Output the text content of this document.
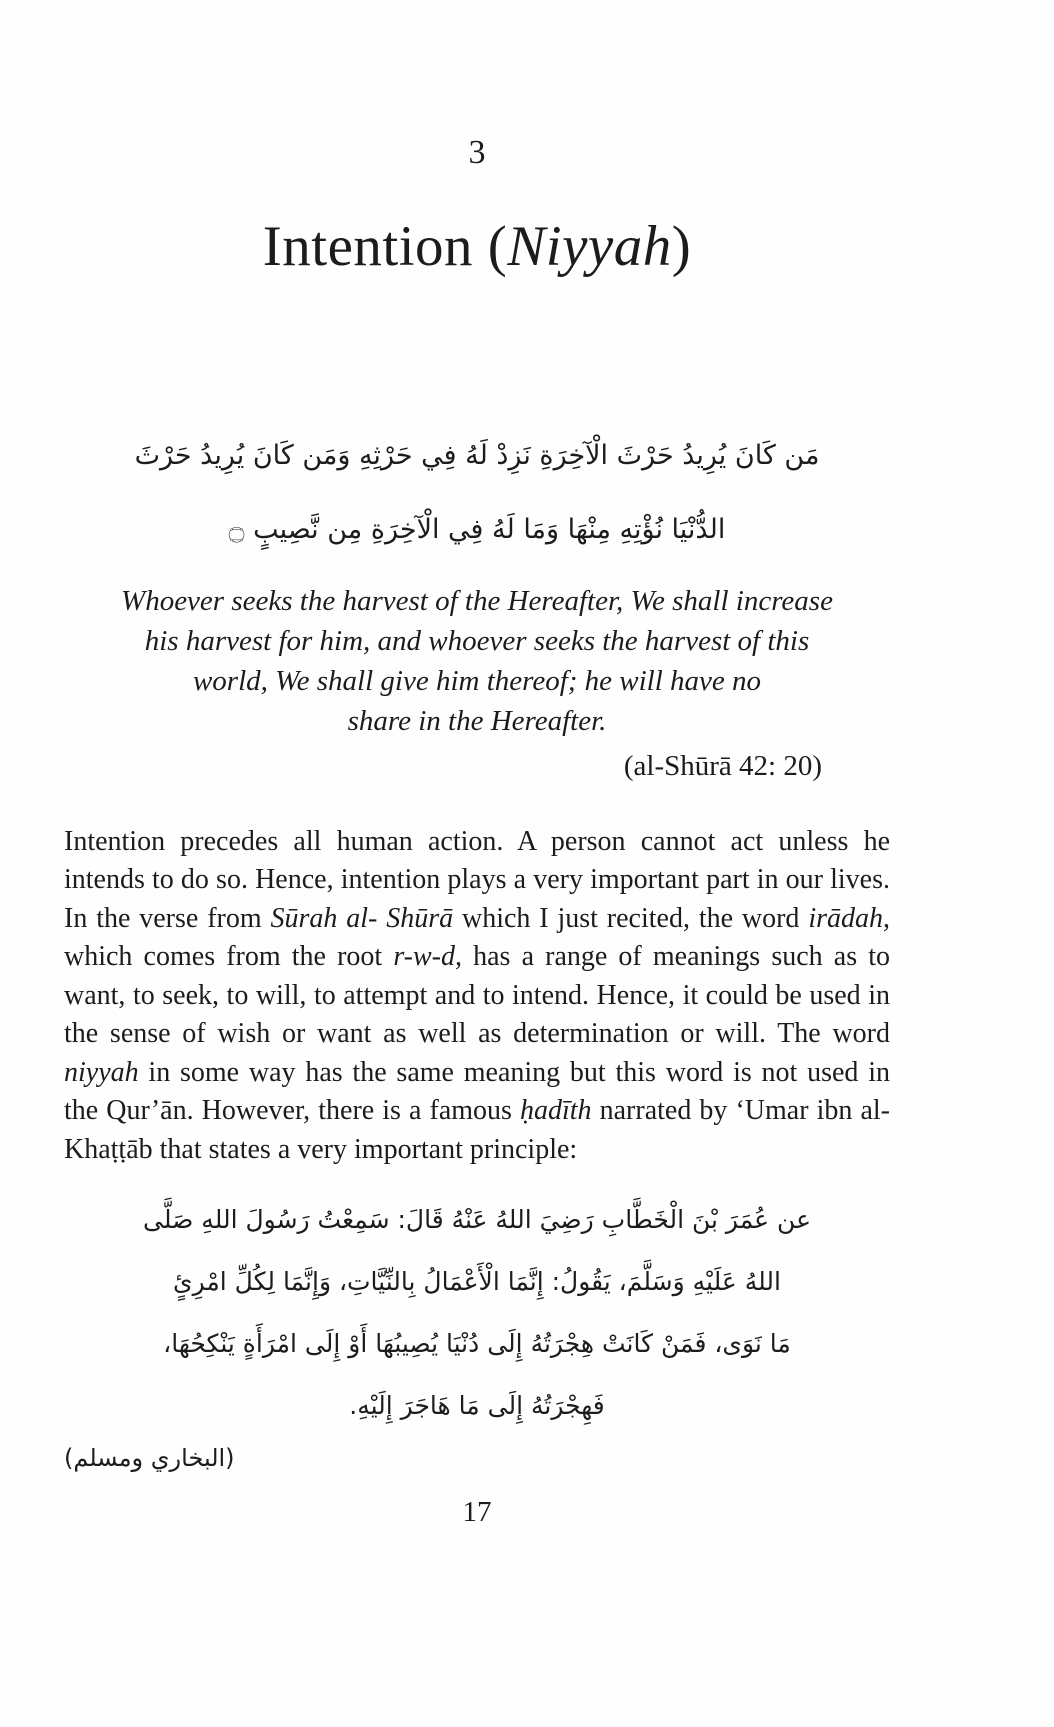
3
Intention (Niyyah)
مَن كَانَ يُرِيدُ حَرْثَ الْآخِرَةِ نَزِدْ لَهُ فِي حَرْثِهِ وَمَن كَانَ يُرِيدُ حَرْثَ
الدُّنْيَا نُؤْتِهِ مِنْهَا وَمَا لَهُ فِي الْآخِرَةِ مِن نَّصِيبٍ ۝
Whoever seeks the harvest of the Hereafter, We shall increase
his harvest for him, and whoever seeks the harvest of this
world, We shall give him thereof; he will have no
share in the Hereafter.
(al-Shūrā 42: 20)

Intention precedes all human action. A person cannot act unless he intends to do so. Hence, intention plays a very important part in our lives. In the verse from Sūrah al- Shūrā which I just recited, the word irādah, which comes from the root r-w-d, has a range of meanings such as to want, to seek, to will, to attempt and to intend. Hence, it could be used in the sense of wish or want as well as determination or will. The word niyyah in some way has the same meaning but this word is not used in the Qur’ān. However, there is a famous ḥadīth narrated by ‘Umar ibn al-Khaṭṭāb that states a very important principle:

عن عُمَرَ بْنَ الْخَطَّابِ رَضِيَ اللهُ عَنْهُ قَالَ: سَمِعْتُ رَسُولَ اللهِ صَلَّى
اللهُ عَلَيْهِ وَسَلَّمَ، يَقُولُ: إِنَّمَا الْأَعْمَالُ بِالنِّيَّاتِ، وَإِنَّمَا لِكُلِّ امْرِئٍ
مَا نَوَى، فَمَنْ كَانَتْ هِجْرَتُهُ إِلَى دُنْيَا يُصِيبُهَا أَوْ إِلَى امْرَأَةٍ يَنْكِحُهَا،
فَهِجْرَتُهُ إِلَى مَا هَاجَرَ إِلَيْهِ.
(البخاري ومسلم)
17
